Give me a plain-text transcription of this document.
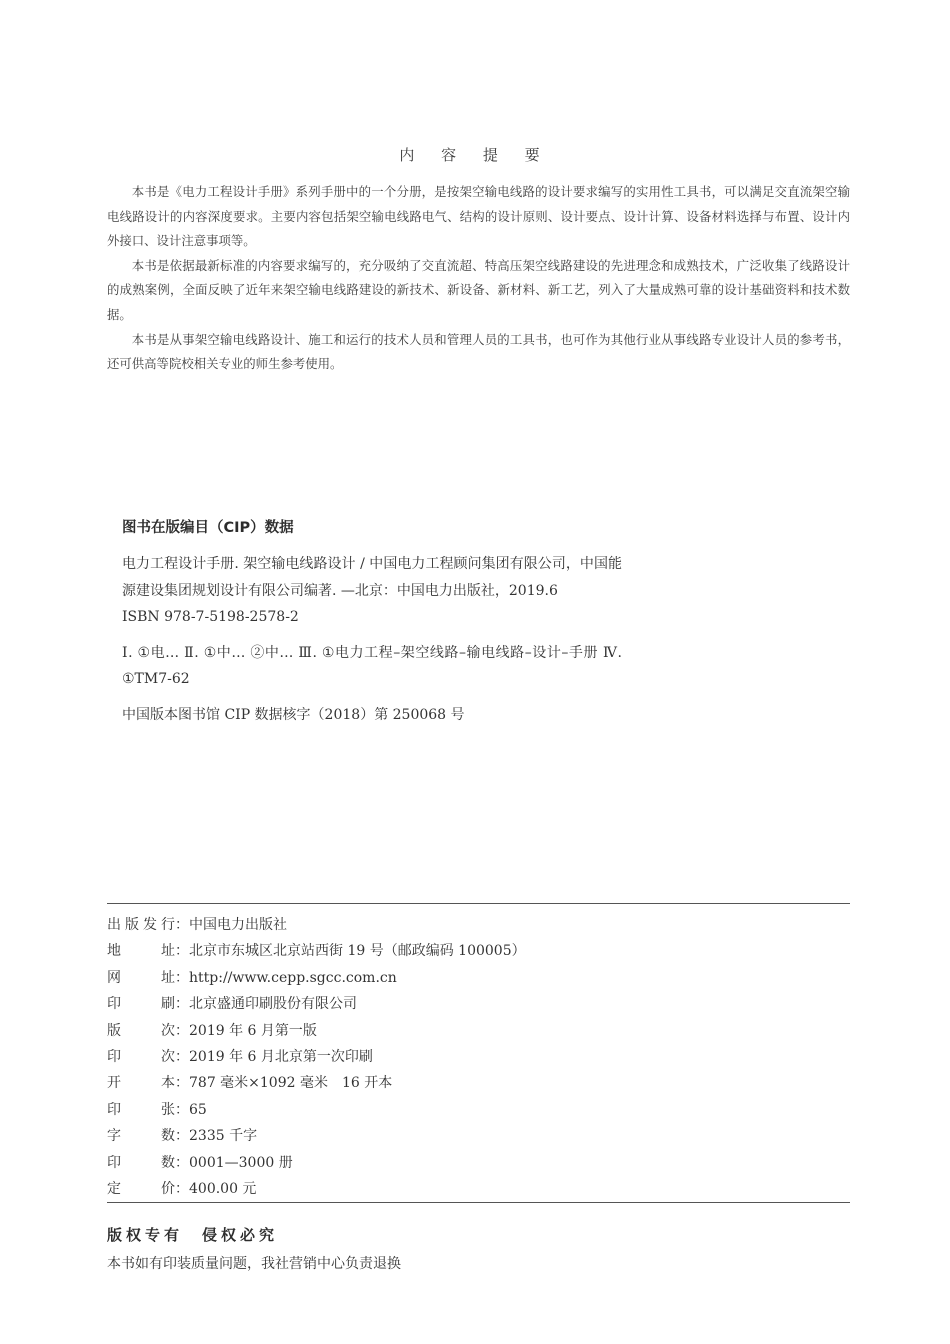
内 容 提 要

本书是《电力工程设计手册》系列手册中的一个分册，是按架空输电线路的设计要求编写的实用性工具书，可以满足交直流架空输电线路设计的内容深度要求。主要内容包括架空输电线路电气、结构的设计原则、设计要点、设计计算、设备材料选择与布置、设计内外接口、设计注意事项等。

本书是依据最新标准的内容要求编写的，充分吸纳了交直流超、特高压架空线路建设的先进理念和成熟技术，广泛收集了线路设计的成熟案例，全面反映了近年来架空输电线路建设的新技术、新设备、新材料、新工艺，列入了大量成熟可靠的设计基础资料和技术数据。

本书是从事架空输电线路设计、施工和运行的技术人员和管理人员的工具书，也可作为其他行业从事线路专业设计人员的参考书，还可供高等院校相关专业的师生参考使用。

图书在版编目（CIP）数据

电力工程设计手册. 架空输电线路设计 / 中国电力工程顾问集团有限公司，中国能源建设集团规划设计有限公司编著. —北京：中国电力出版社，2019.6

ISBN 978-7-5198-2578-2

Ⅰ. ①电… Ⅱ. ①中… ②中… Ⅲ. ①电力工程–架空线路–输电线路–设计–手册 Ⅳ. ①TM7-62

中国版本图书馆 CIP 数据核字（2018）第 250068 号

出版发行 ： 中国电力出版社
地　　址 ： 北京市东城区北京站西街 19 号（邮政编码 100005）
网　　址 ： http://www.cepp.sgcc.com.cn
印　　刷 ： 北京盛通印刷股份有限公司
版　　次 ： 2019 年 6 月第一版
印　　次 ： 2019 年 6 月北京第一次印刷
开　　本 ： 787 毫米×1092 毫米　16 开本
印　　张 ： 65
字　　数 ： 2335 千字
印　　数 ： 0001—3000 册
定　　价 ： 400.00 元
版权专有　侵权必究
本书如有印装质量问题，我社营销中心负责退换
